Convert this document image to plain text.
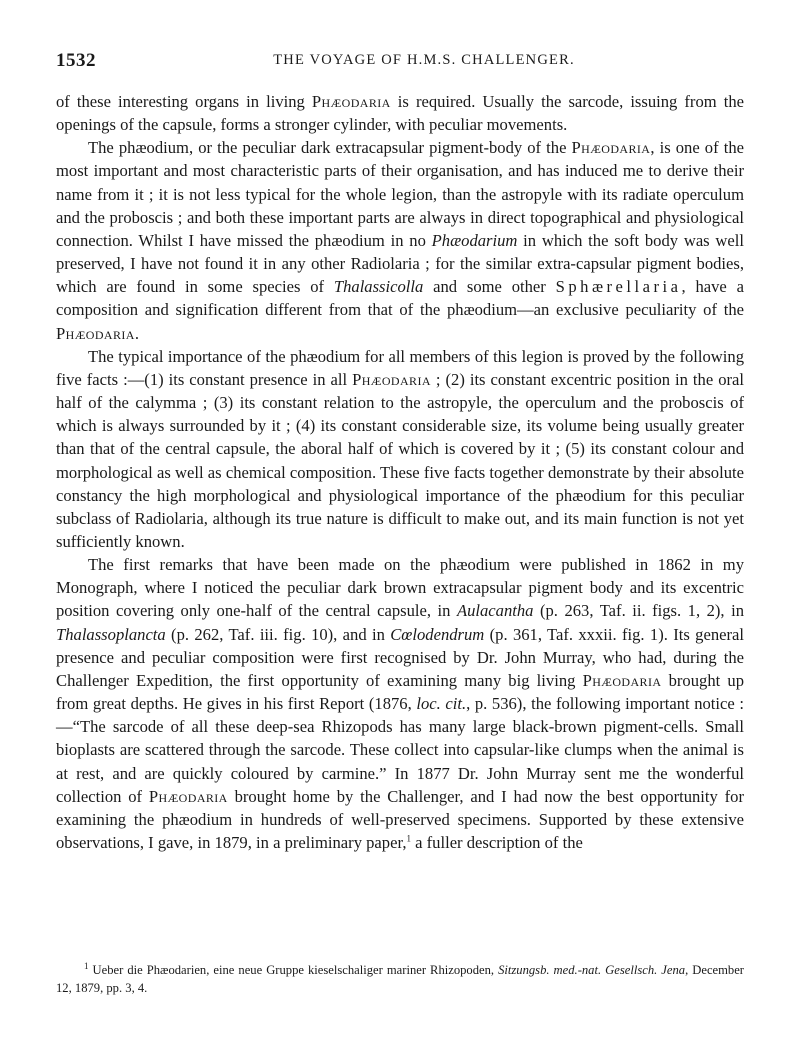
1532	THE VOYAGE OF H.M.S. CHALLENGER.

of these interesting organs in living Phæodaria is required. Usually the sarcode, issuing from the openings of the capsule, forms a stronger cylinder, with peculiar movements.

The phæodium, or the peculiar dark extracapsular pigment-body of the Phæodaria, is one of the most important and most characteristic parts of their organisation, and has induced me to derive their name from it ; it is not less typical for the whole legion, than the astropyle with its radiate operculum and the proboscis ; and both these important parts are always in direct topographical and physiological connection. Whilst I have missed the phæodium in no Phæodarium in which the soft body was well preserved, I have not found it in any other Radiolaria ; for the similar extra-capsular pigment bodies, which are found in some species of Thalassicolla and some other Sphærellaria, have a composition and signification different from that of the phæodium—an exclusive peculiarity of the Phæodaria.

The typical importance of the phæodium for all members of this legion is proved by the following five facts :—(1) its constant presence in all Phæodaria ; (2) its constant excentric position in the oral half of the calymma ; (3) its constant relation to the astropyle, the operculum and the proboscis of which is always surrounded by it ; (4) its constant considerable size, its volume being usually greater than that of the central capsule, the aboral half of which is covered by it ; (5) its constant colour and morphological as well as chemical composition. These five facts together demonstrate by their absolute constancy the high morphological and physiological importance of the phæodium for this peculiar subclass of Radiolaria, although its true nature is difficult to make out, and its main function is not yet sufficiently known.

The first remarks that have been made on the phæodium were published in 1862 in my Monograph, where I noticed the peculiar dark brown extracapsular pigment body and its excentric position covering only one-half of the central capsule, in Aulacantha (p. 263, Taf. ii. figs. 1, 2), in Thalassoplancta (p. 262, Taf. iii. fig. 10), and in Cœlodendrum (p. 361, Taf. xxxii. fig. 1). Its general presence and peculiar composition were first recognised by Dr. John Murray, who had, during the Challenger Expedition, the first opportunity of examining many big living Phæodaria brought up from great depths. He gives in his first Report (1876, loc. cit., p. 536), the following important notice :—“The sarcode of all these deep-sea Rhizopods has many large black-brown pigment-cells. Small bioplasts are scattered through the sarcode. These collect into capsular-like clumps when the animal is at rest, and are quickly coloured by carmine.” In 1877 Dr. John Murray sent me the wonderful collection of Phæodaria brought home by the Challenger, and I had now the best opportunity for examining the phæodium in hundreds of well-preserved specimens. Supported by these extensive observations, I gave, in 1879, in a preliminary paper,$^1$ a fuller description of the

$^1$ Ueber die Phæodarien, eine neue Gruppe kieselschaliger mariner Rhizopoden, Sitzungsb. med.-nat. Gesellsch. Jena, December 12, 1879, pp. 3, 4.
